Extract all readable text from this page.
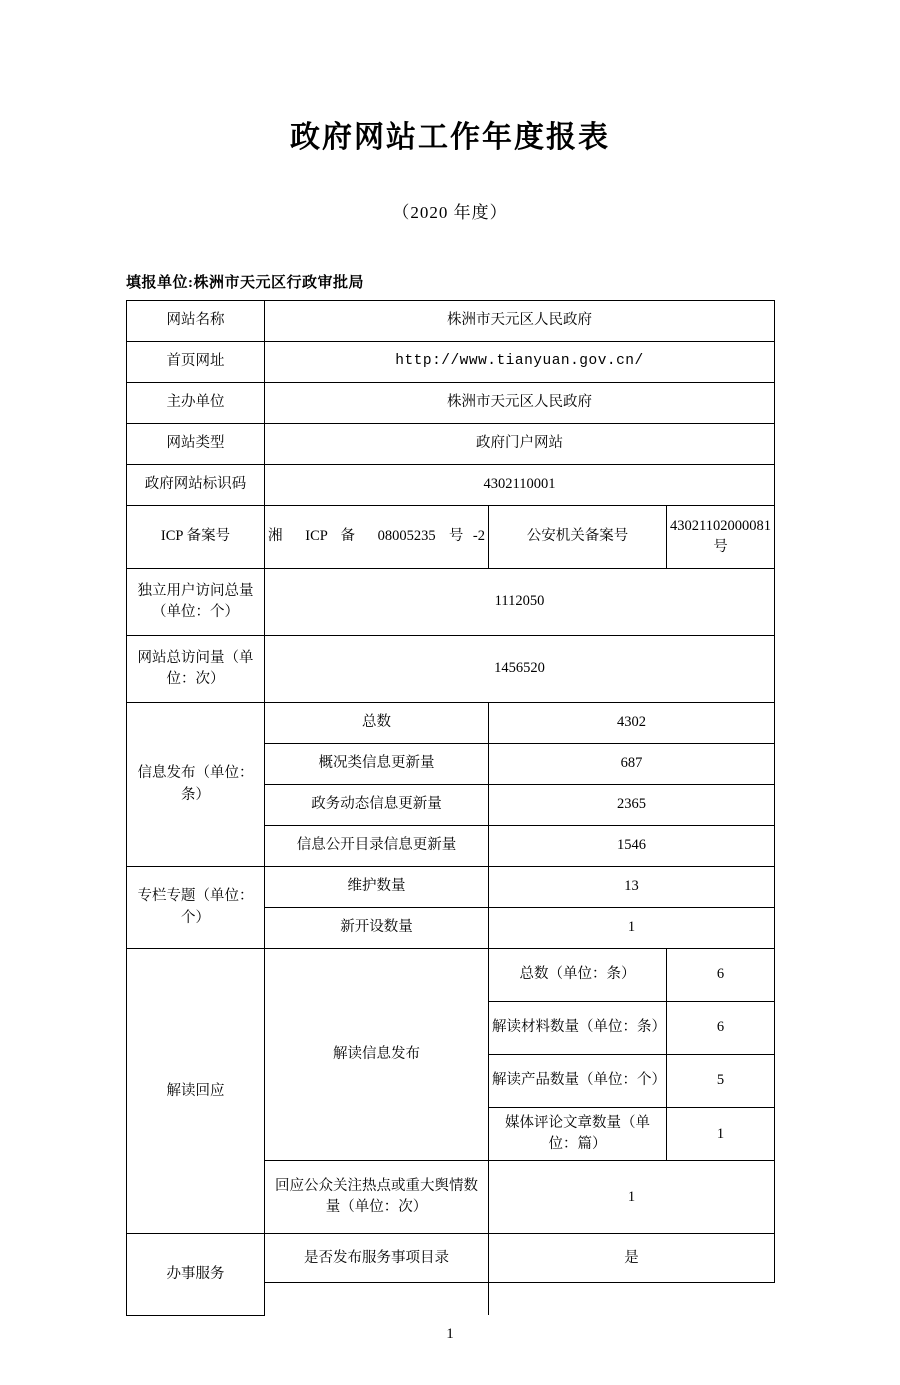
政府网站工作年度报表
（2020 年度）
填报单位:株洲市天元区行政审批局
网站名称	株洲市天元区人民政府		
首页网址	http://www.tianyuan.gov.cn/		
主办单位	株洲市天元区人民政府		
网站类型	政府门户网站		
政府网站标识码	4302110001		
ICP 备案号	湘 ICP 备 08005235 号-2	公安机关备案号	43021102000081 号
独立用户访问总量（单位：个）	1112050		
网站总访问量（单位：次）	1456520		
信息发布（单位：条）	总数	4302	
	概况类信息更新量	687	
	政务动态信息更新量	2365	
	信息公开目录信息更新量	1546	
专栏专题（单位：个）	维护数量	13	
	新开设数量	1	
解读回应	解读信息发布	总数（单位：条）	6
		解读材料数量（单位：条）	6
		解读产品数量（单位：个）	5
		媒体评论文章数量（单位：篇）	1
	回应公众关注热点或重大舆情数量（单位：次）	1	
办事服务	是否发布服务事项目录	是	

1
